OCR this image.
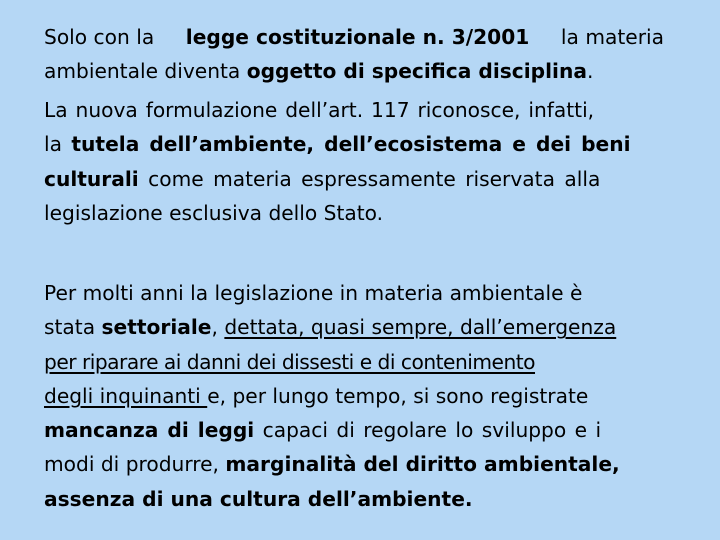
Solo con la legge costituzionale n. 3/2001 la materia
ambientale diventa oggetto di specifica disciplina.
La nuova formulazione dell’art. 117 riconosce, infatti,
la tutela dell’ambiente, dell’ecosistema e dei beni
culturali come materia espressamente riservata alla
legislazione esclusiva dello Stato.
Per molti anni la legislazione in materia ambientale è
stata settoriale, dettata, quasi sempre, dall’emergenza
per riparare ai danni dei dissesti e di contenimento
degli inquinanti e, per lungo tempo, si sono registrate
mancanza di leggi capaci di regolare lo sviluppo e i
modi di produrre, marginalità del diritto ambientale,
assenza di una cultura dell’ambiente.
